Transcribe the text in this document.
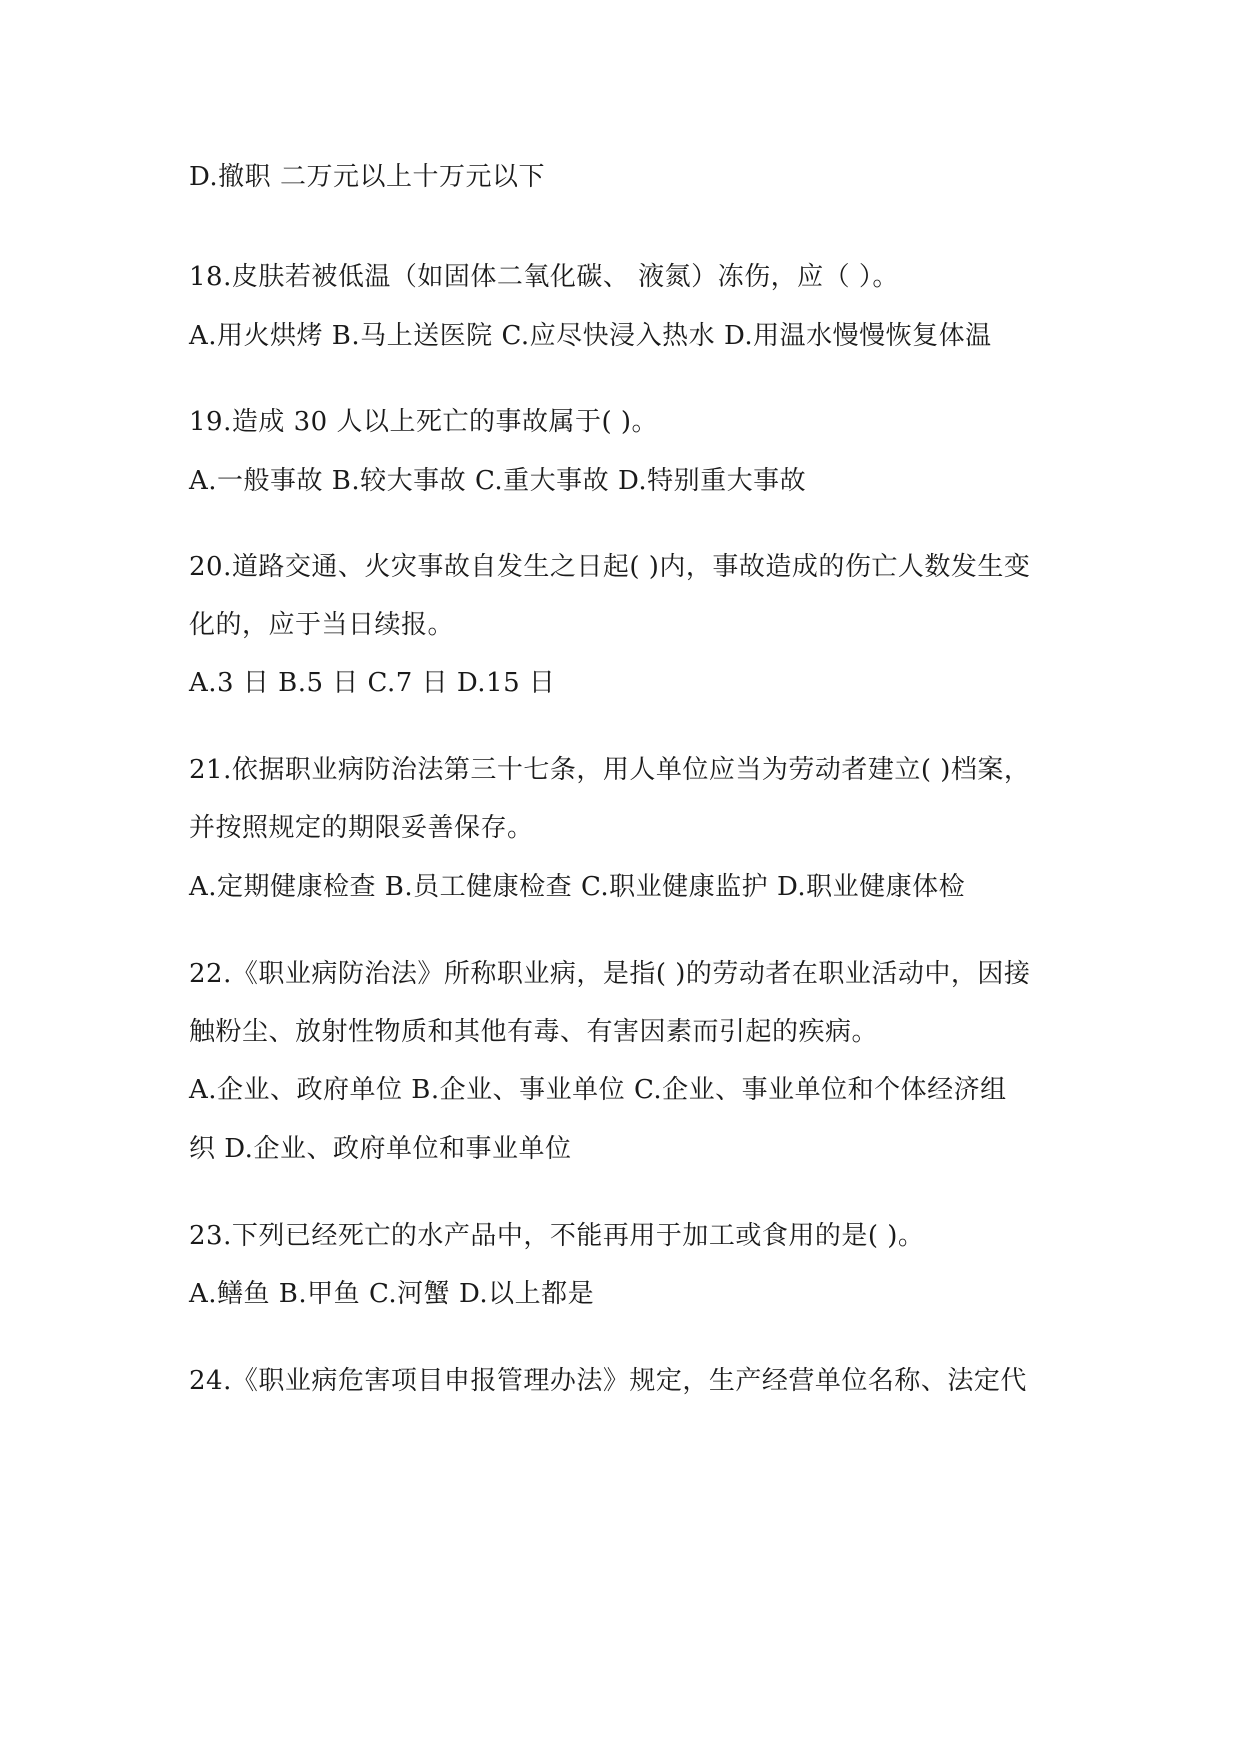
D.撤职 二万元以上十万元以下

18.皮肤若被低温（如固体二氧化碳、 液氮）冻伤，应（ ）。

A.用火烘烤 B.马上送医院 C.应尽快浸入热水 D.用温水慢慢恢复体温

19.造成 30 人以上死亡的事故属于( )。

A.一般事故 B.较大事故 C.重大事故 D.特别重大事故

20.道路交通、火灾事故自发生之日起( )内，事故造成的伤亡人数发生变

化的，应于当日续报。

A.3 日 B.5 日 C.7 日 D.15 日

21.依据职业病防治法第三十七条，用人单位应当为劳动者建立( )档案，

并按照规定的期限妥善保存。

A.定期健康检查 B.员工健康检查 C.职业健康监护 D.职业健康体检

22.《职业病防治法》所称职业病，是指( )的劳动者在职业活动中，因接

触粉尘、放射性物质和其他有毒、有害因素而引起的疾病。

A.企业、政府单位 B.企业、事业单位 C.企业、事业单位和个体经济组

织 D.企业、政府单位和事业单位

23.下列已经死亡的水产品中，不能再用于加工或食用的是( )。

A.鳝鱼 B.甲鱼 C.河蟹 D.以上都是

24.《职业病危害项目申报管理办法》规定，生产经营单位名称、法定代
